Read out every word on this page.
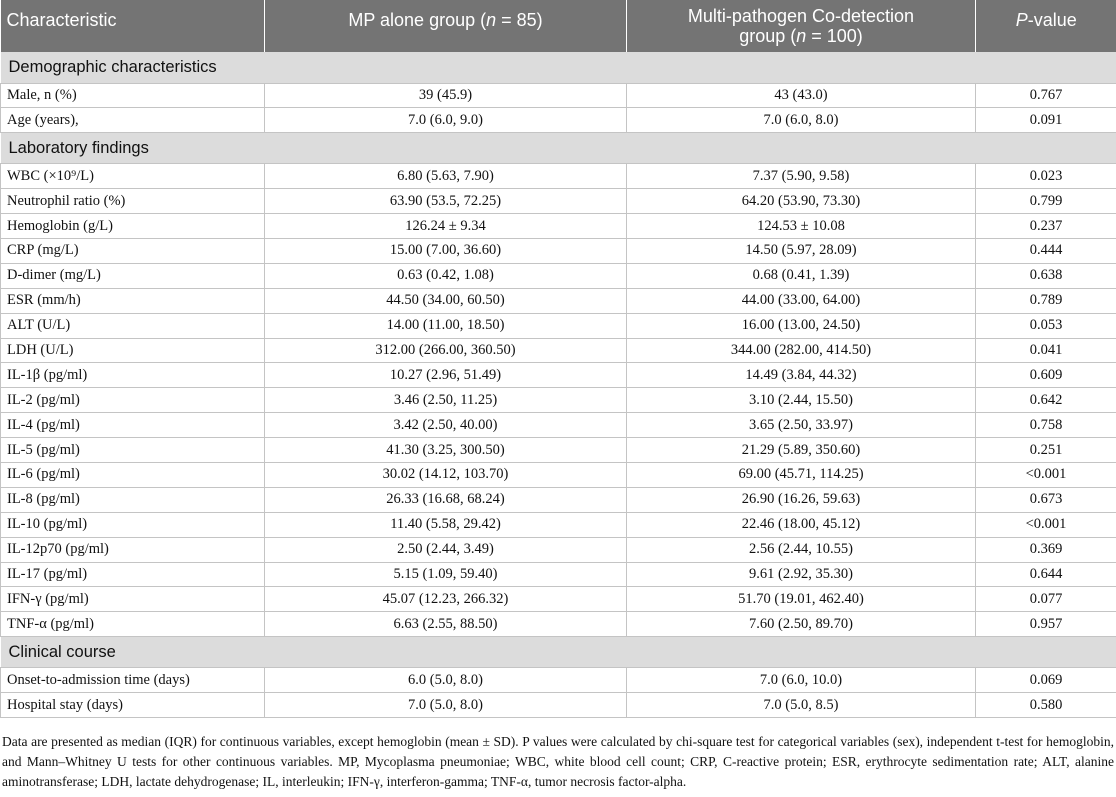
Characteristic	MP alone group (n = 85)	Multi-pathogen Co-detection
group (n = 100)	P-value
Demographic characteristics			
Male, n (%)	39 (45.9)	43 (43.0)	0.767
Age (years),	7.0 (6.0, 9.0)	7.0 (6.0, 8.0)	0.091
Laboratory findings			
WBC (×10⁹/L)	6.80 (5.63, 7.90)	7.37 (5.90, 9.58)	0.023
Neutrophil ratio (%)	63.90 (53.5, 72.25)	64.20 (53.90, 73.30)	0.799
Hemoglobin (g/L)	126.24 ± 9.34	124.53 ± 10.08	0.237
CRP (mg/L)	15.00 (7.00, 36.60)	14.50 (5.97, 28.09)	0.444
D-dimer (mg/L)	0.63 (0.42, 1.08)	0.68 (0.41, 1.39)	0.638
ESR (mm/h)	44.50 (34.00, 60.50)	44.00 (33.00, 64.00)	0.789
ALT (U/L)	14.00 (11.00, 18.50)	16.00 (13.00, 24.50)	0.053
LDH (U/L)	312.00 (266.00, 360.50)	344.00 (282.00, 414.50)	0.041
IL-1β (pg/ml)	10.27 (2.96, 51.49)	14.49 (3.84, 44.32)	0.609
IL-2 (pg/ml)	3.46 (2.50, 11.25)	3.10 (2.44, 15.50)	0.642
IL-4 (pg/ml)	3.42 (2.50, 40.00)	3.65 (2.50, 33.97)	0.758
IL-5 (pg/ml)	41.30 (3.25, 300.50)	21.29 (5.89, 350.60)	0.251
IL-6 (pg/ml)	30.02 (14.12, 103.70)	69.00 (45.71, 114.25)	<0.001
IL-8 (pg/ml)	26.33 (16.68, 68.24)	26.90 (16.26, 59.63)	0.673
IL-10 (pg/ml)	11.40 (5.58, 29.42)	22.46 (18.00, 45.12)	<0.001
IL-12p70 (pg/ml)	2.50 (2.44, 3.49)	2.56 (2.44, 10.55)	0.369
IL-17 (pg/ml)	5.15 (1.09, 59.40)	9.61 (2.92, 35.30)	0.644
IFN-γ (pg/ml)	45.07 (12.23, 266.32)	51.70 (19.01, 462.40)	0.077
TNF-α (pg/ml)	6.63 (2.55, 88.50)	7.60 (2.50, 89.70)	0.957
Clinical course			
Onset-to-admission time (days)	6.0 (5.0, 8.0)	7.0 (6.0, 10.0)	0.069
Hospital stay (days)	7.0 (5.0, 8.0)	7.0 (5.0, 8.5)	0.580
Data are presented as median (IQR) for continuous variables, except hemoglobin (mean ± SD). P values were calculated by chi-square test for categorical variables (sex), independent t-test for hemoglobin, and Mann–Whitney U tests for other continuous variables. MP, Mycoplasma pneumoniae; WBC, white blood cell count; CRP, C-reactive protein; ESR, erythrocyte sedimentation rate; ALT, alanine aminotransferase; LDH, lactate dehydrogenase; IL, interleukin; IFN-γ, interferon-gamma; TNF-α, tumor necrosis factor-alpha.
